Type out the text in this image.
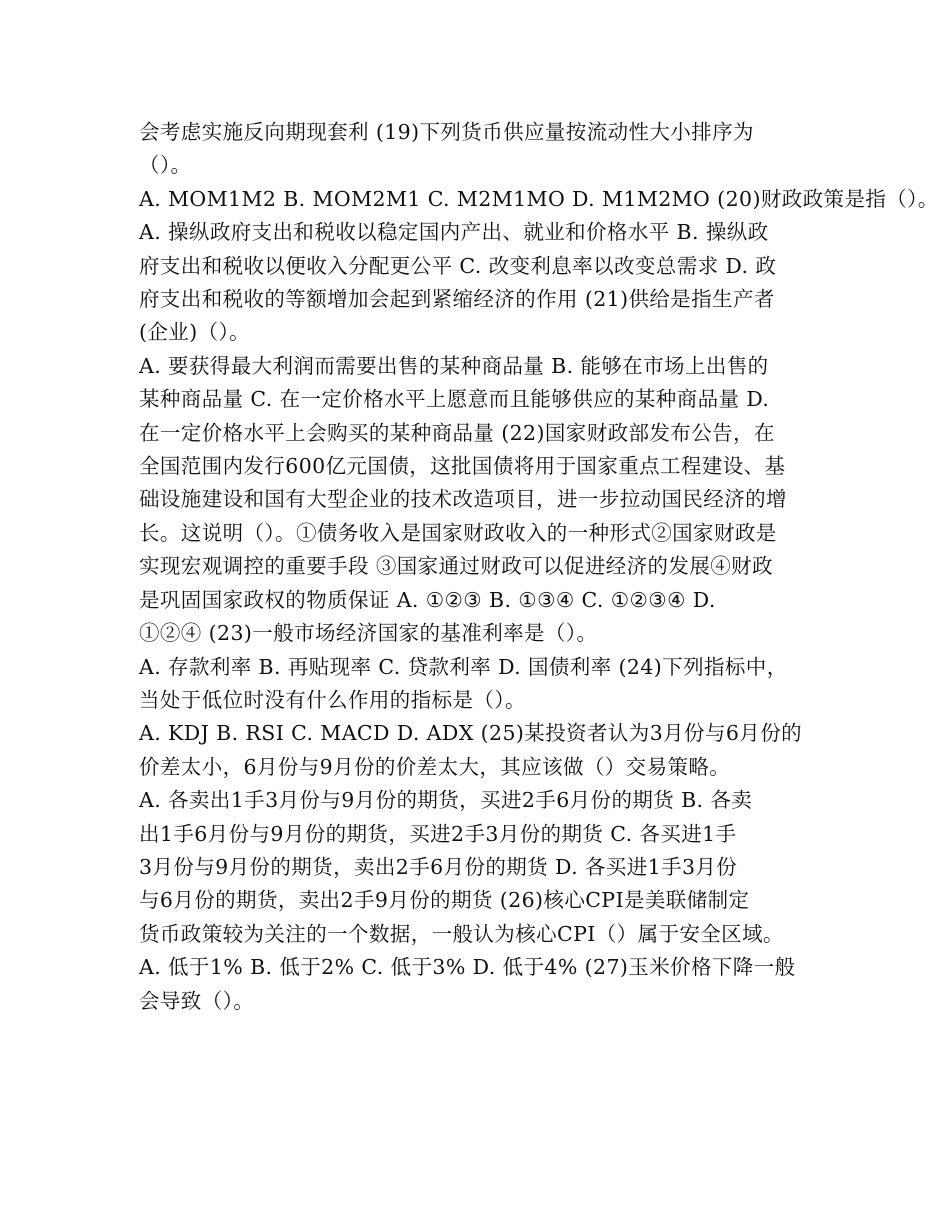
会考虑实施反向期现套利 (19)下列货币供应量按流动性大小排序为
（）。
A. MOM1M2 B. MOM2M1 C. M2M1MO D. M1M2MO (20)财政政策是指（）。
A. 操纵政府支出和税收以稳定国内产出、就业和价格水平 B. 操纵政
府支出和税收以便收入分配更公平 C. 改变利息率以改变总需求 D. 政
府支出和税收的等额增加会起到紧缩经济的作用 (21)供给是指生产者
(企业)（）。
A. 要获得最大利润而需要出售的某种商品量 B. 能够在市场上出售的
某种商品量 C. 在一定价格水平上愿意而且能够供应的某种商品量 D.
在一定价格水平上会购买的某种商品量 (22)国家财政部发布公告，在
全国范围内发行600亿元国债，这批国债将用于国家重点工程建设、基
础设施建设和国有大型企业的技术改造项目，进一步拉动国民经济的增
长。这说明（）。①债务收入是国家财政收入的一种形式②国家财政是
实现宏观调控的重要手段 ③国家通过财政可以促进经济的发展④财政
是巩固国家政权的物质保证 A. ①②③ B. ①③④ C. ①②③④ D.
①②④ (23)一般市场经济国家的基准利率是（）。
A. 存款利率 B. 再贴现率 C. 贷款利率 D. 国债利率 (24)下列指标中，
当处于低位时没有什么作用的指标是（）。
A. KDJ B. RSI C. MACD D. ADX (25)某投资者认为3月份与6月份的
价差太小，6月份与9月份的价差太大，其应该做（）交易策略。
A. 各卖出1手3月份与9月份的期货，买进2手6月份的期货 B. 各卖
出1手6月份与9月份的期货，买进2手3月份的期货 C. 各买进1手
3月份与9月份的期货，卖出2手6月份的期货 D. 各买进1手3月份
与6月份的期货，卖出2手9月份的期货 (26)核心CPI是美联储制定
货币政策较为关注的一个数据，一般认为核心CPI（）属于安全区域。
A. 低于1% B. 低于2% C. 低于3% D. 低于4% (27)玉米价格下降一般
会导致（）。
